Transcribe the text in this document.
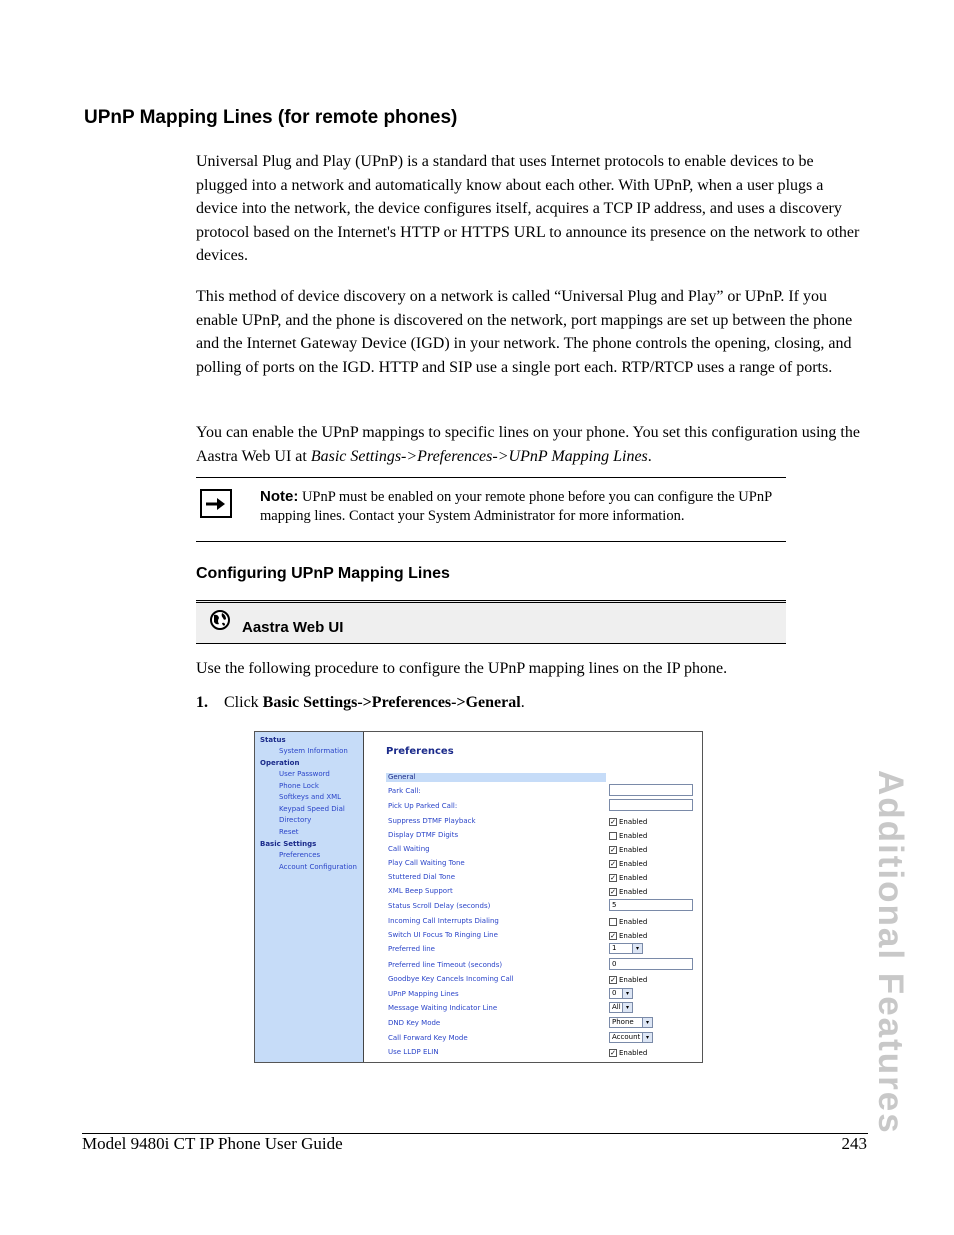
UPnP Mapping Lines (for remote phones)

Universal Plug and Play (UPnP) is a standard that uses Internet protocols to enable devices to be plugged into a network and automatically know about each other. With UPnP, when a user plugs a device into the network, the device configures itself, acquires a TCP IP address, and uses a discovery protocol based on the Internet's HTTP or HTTPS URL to announce its presence on the network to other devices.

This method of device discovery on a network is called “Universal Plug and Play” or UPnP. If you enable UPnP, and the phone is discovered on the network, port mappings are set up between the phone and the Internet Gateway Device (IGD) in your network. The phone controls the opening, closing, and polling of ports on the IGD. HTTP and SIP use a single port each. RTP/RTCP uses a range of ports.

You can enable the UPnP mappings to specific lines on your phone. You set this configuration using the Aastra Web UI at Basic Settings->Preferences->UPnP Mapping Lines.

Note: UPnP must be enabled on your remote phone before you can configure the UPnP mapping lines. Contact your System Administrator for more information.
Configuring UPnP Mapping Lines
Aastra Web UI
Use the following procedure to configure the UPnP mapping lines on the IP phone.
1. Click Basic Settings->Preferences->General.
Status
System Information
Operation
User Password
Phone Lock
Softkeys and XML
Keypad Speed Dial
Directory
Reset
Basic Settings
Preferences
Account Configuration
Preferences
General
Park Call:
Pick Up Parked Call:
Suppress DTMF Playback	✓ Enabled
Display DTMF Digits	Enabled
Call Waiting	✓ Enabled
Play Call Waiting Tone	✓ Enabled
Stuttered Dial Tone	✓ Enabled
XML Beep Support	✓ Enabled
Status Scroll Delay (seconds)	5
Incoming Call Interrupts Dialing	Enabled
Switch UI Focus To Ringing Line	✓ Enabled
Preferred line	1	▾
Preferred line Timeout (seconds)	0
Goodbye Key Cancels Incoming Call	✓ Enabled
UPnP Mapping Lines	0	▾
Message Waiting Indicator Line	All ▾
DND Key Mode	Phone	▾
Call Forward Key Mode	Account ▾
Use LLDP ELIN	✓ Enabled	Additional Features
Model 9480i CT IP Phone User Guide	243
